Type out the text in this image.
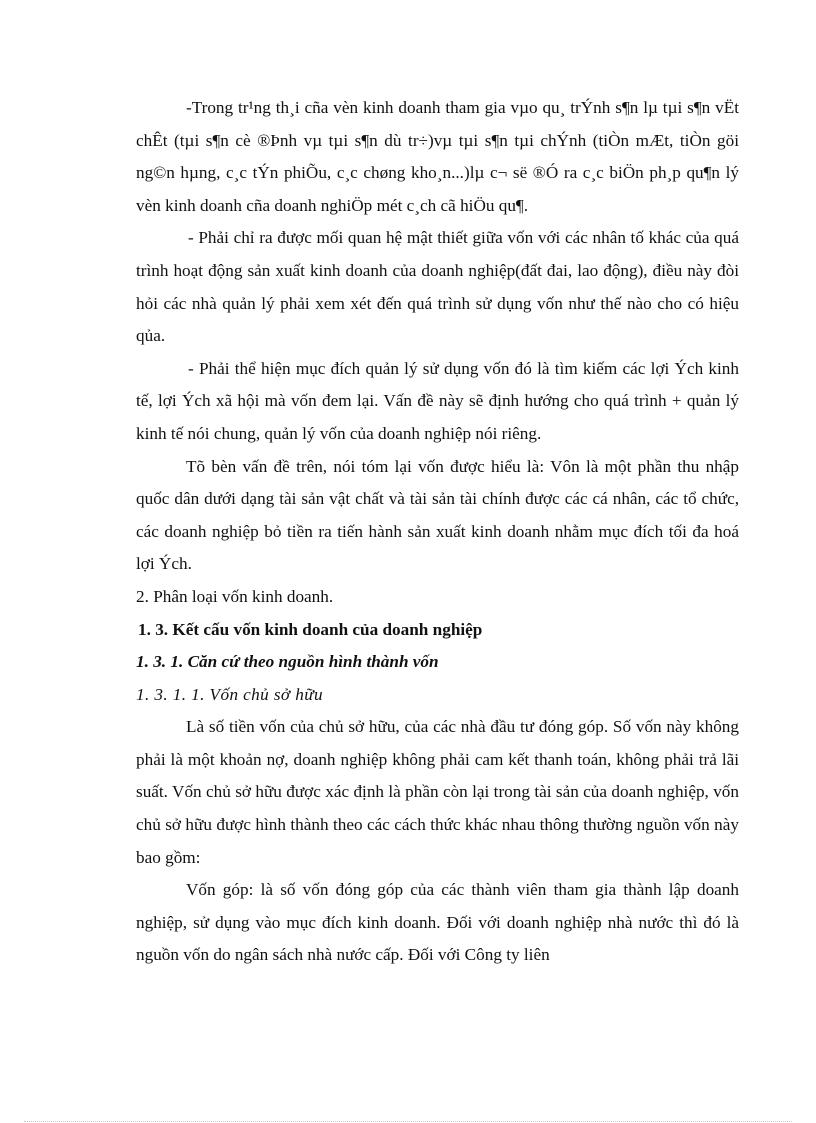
-Trong tr¹ng th¸i cña vèn kinh doanh tham gia vµo qu¸ trÝnh s¶n lµ tµi s¶n vËt chÊt (tµi s¶n cè ®Þnh vµ tµi s¶n dù tr÷)vµ tµi s¶n tµi chÝnh (tiÒn mÆt, tiÒn göi ng©n hµng, c¸c tÝn phiÕu, c¸c chøng kho¸n...)lµ c¬ së ®Ó ra c¸c biÖn ph¸p qu¶n lý vèn kinh doanh cña doanh nghiÖp mét c¸ch cã hiÖu qu¶.

- Phải chỉ ra được mối quan hệ mật thiết giữa vốn với các nhân tố khác của quá trình hoạt động sản xuất kinh doanh của doanh nghiệp(đất đai, lao động), điều này đòi hỏi các nhà quản lý phải xem xét đến quá trình sử dụng vốn như thế nào cho có hiệu qủa.

- Phải thể hiện mục đích quản lý sử dụng vốn đó là tìm kiếm các lợi Ých kinh tế, lợi Ých xã hội mà vốn đem lại. Vấn đề này sẽ định hướng cho quá trình + quản lý kinh tế nói chung, quản lý vốn của doanh nghiệp nói riêng.

Tõ bèn vấn đề trên, nói tóm lại vốn được hiểu là: Vôn là một phần thu nhập quốc dân dưới dạng tài sản vật chất và tài sản tài chính được các cá nhân, các tổ chức, các doanh nghiệp bỏ tiền ra tiến hành sản xuất kinh doanh nhằm mục đích tối đa hoá lợi Ých.

2. Phân loại vốn kinh doanh.

1. 3. Kết cấu vốn kinh doanh của doanh nghiệp

1. 3. 1. Căn cứ theo nguồn hình thành vốn

1. 3. 1. 1. Vốn chủ sở hữu

Là số tiền vốn của chủ sở hữu, của các nhà đầu tư đóng góp. Số vốn này không phải là một khoản nợ, doanh nghiệp không phải cam kết thanh toán, không phải trả lãi suất. Vốn chủ sở hữu được xác định là phần còn lại trong tài sản của doanh nghiệp, vốn chủ sở hữu được hình thành theo các cách thức khác nhau thông thường nguồn vốn này bao gồm:

Vốn góp: là số vốn đóng góp của các thành viên tham gia thành lập doanh nghiệp, sử dụng vào mục đích kinh doanh. Đối với doanh nghiệp nhà nước thì đó là nguồn vốn do ngân sách nhà nước cấp. Đối với Công ty liên
